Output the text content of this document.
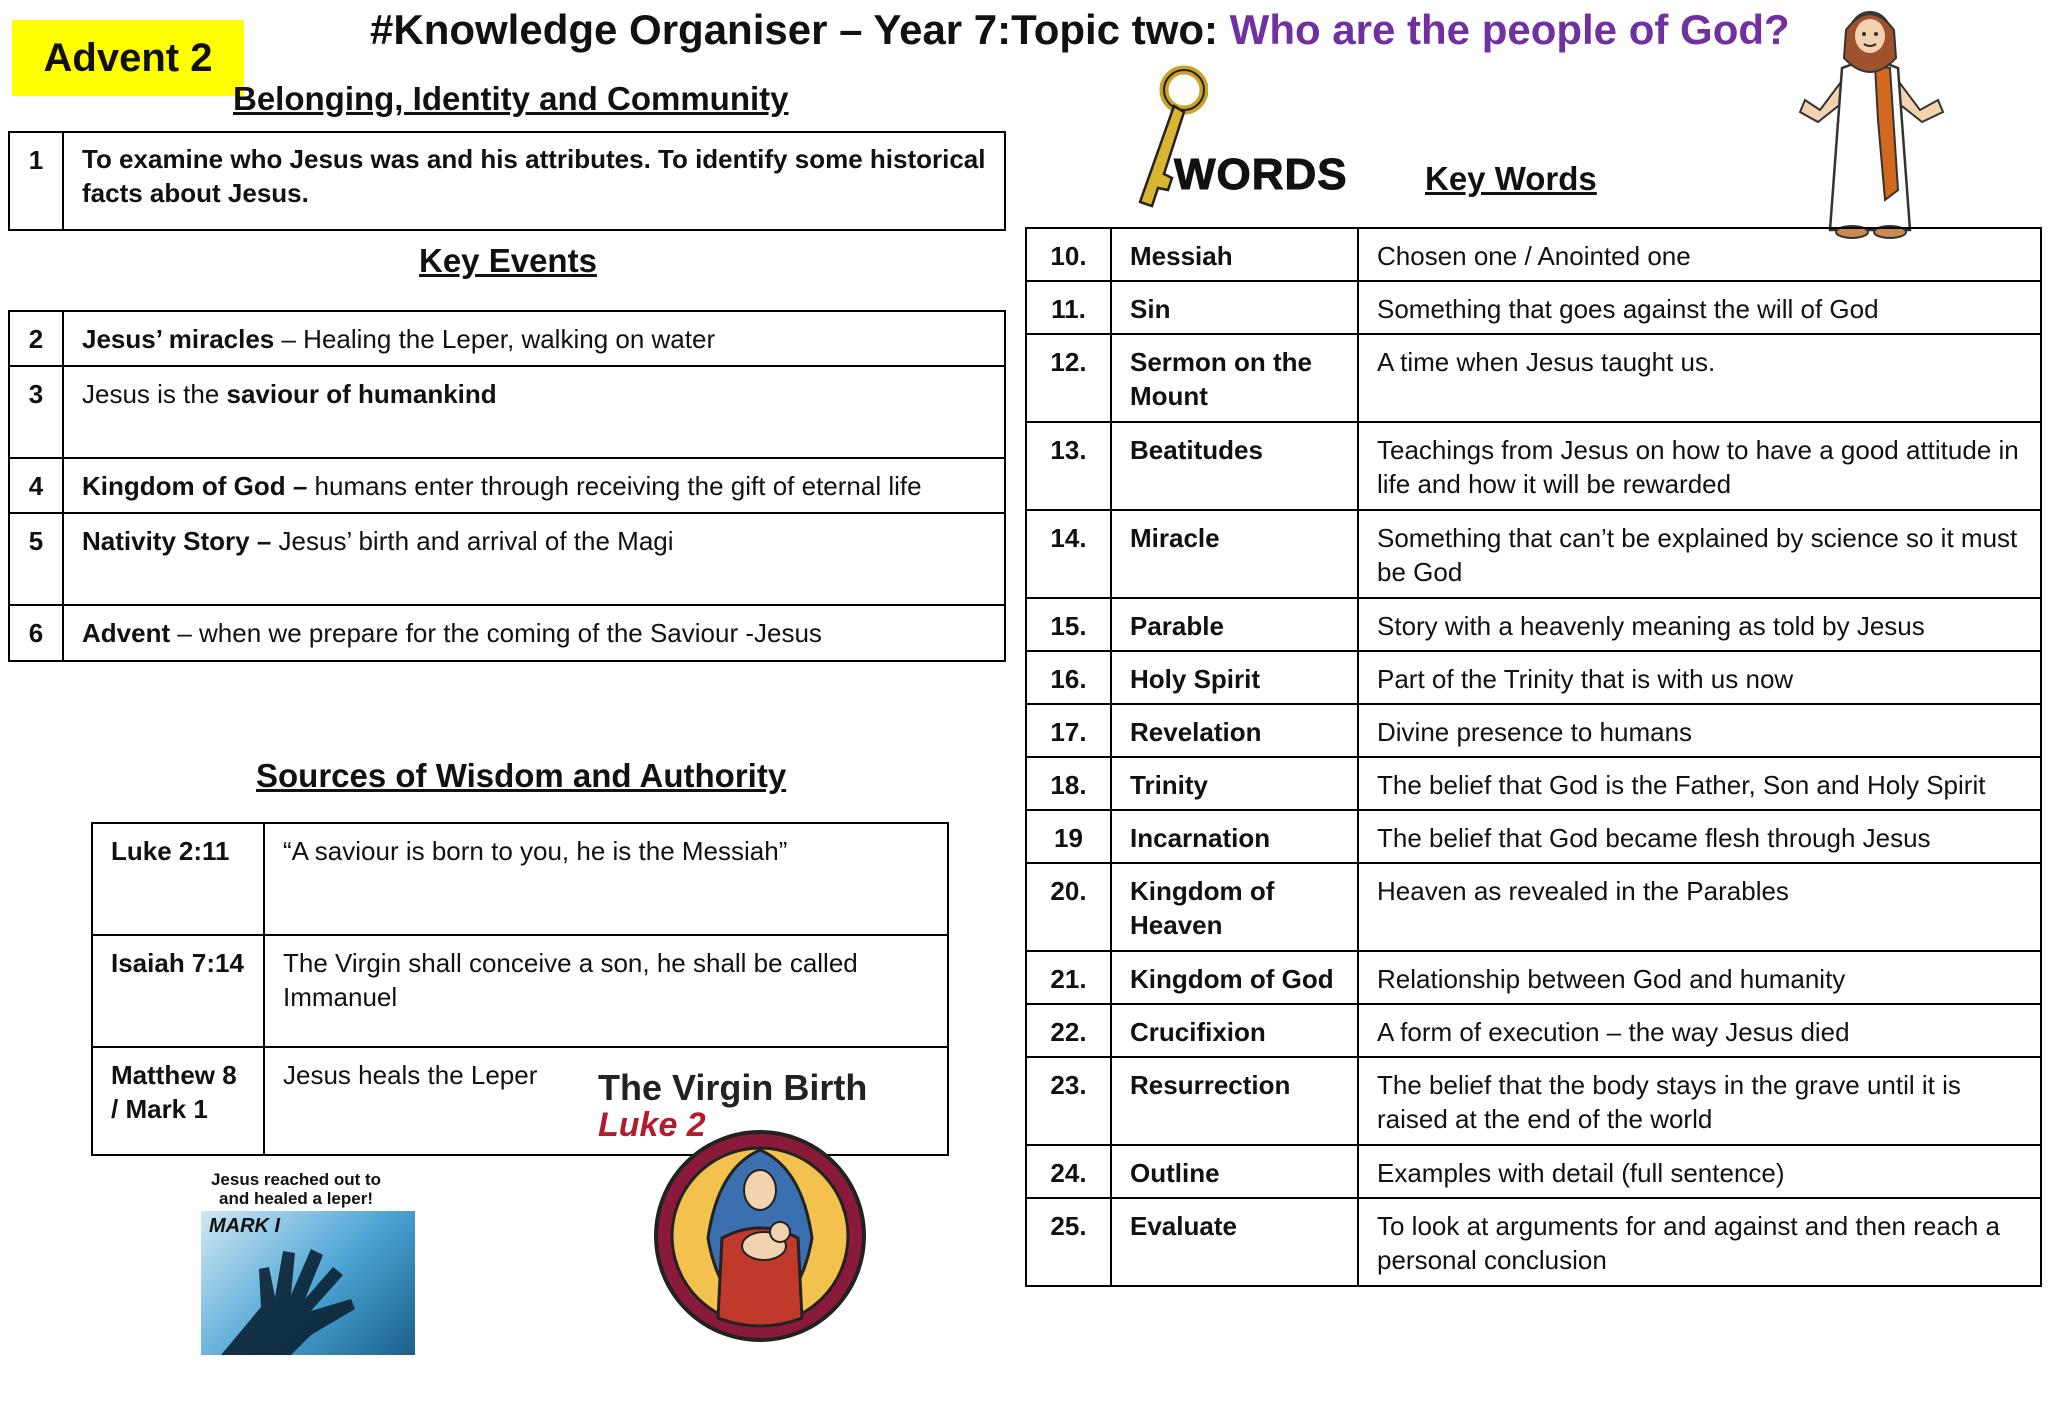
Advent 2
#Knowledge Organiser – Year 7:Topic two: Who are the people of God?
Belonging, Identity and Community
1	To examine who Jesus was and his attributes. To identify some historical facts about Jesus.
Key Events
2	Jesus’ miracles – Healing the Leper, walking on water
3	Jesus is the saviour of humankind
4	Kingdom of God – humans enter through receiving the gift of eternal life
5	Nativity Story – Jesus’ birth and arrival of the Magi
6	Advent – when we prepare for the coming of the Saviour -Jesus
Sources of Wisdom and Authority
Luke 2:11	“A saviour is born to you, he is the Messiah”
Isaiah 7:14	The Virgin shall conceive a son, he shall be called Immanuel
Matthew 8 / Mark 1	Jesus heals the Leper The Virgin Birth
Luke 2
Jesus reached out to and healed a leper!
MARK I
WORDS Key Words
10.	Messiah	Chosen one / Anointed one
11.	Sin	Something that goes against the will of God
12.	Sermon on the Mount	A time when Jesus taught us.
13.	Beatitudes	Teachings from Jesus on how to have a good attitude in life and how it will be rewarded
14.	Miracle	Something that can’t be explained by science so it must be God
15.	Parable	Story with a heavenly meaning as told by Jesus
16.	Holy Spirit	Part of the Trinity that is with us now
17.	Revelation	Divine presence to humans
18.	Trinity	The belief that God is the Father, Son and Holy Spirit
19	Incarnation	The belief that God became flesh through Jesus
20.	Kingdom of Heaven	Heaven as revealed in the Parables
21.	Kingdom of God	Relationship between God and humanity
22.	Crucifixion	A form of execution – the way Jesus died
23.	Resurrection	The belief that the body stays in the grave until it is raised at the end of the world
24.	Outline	Examples with detail (full sentence)
25.	Evaluate	To look at arguments for and against and then reach a personal conclusion
